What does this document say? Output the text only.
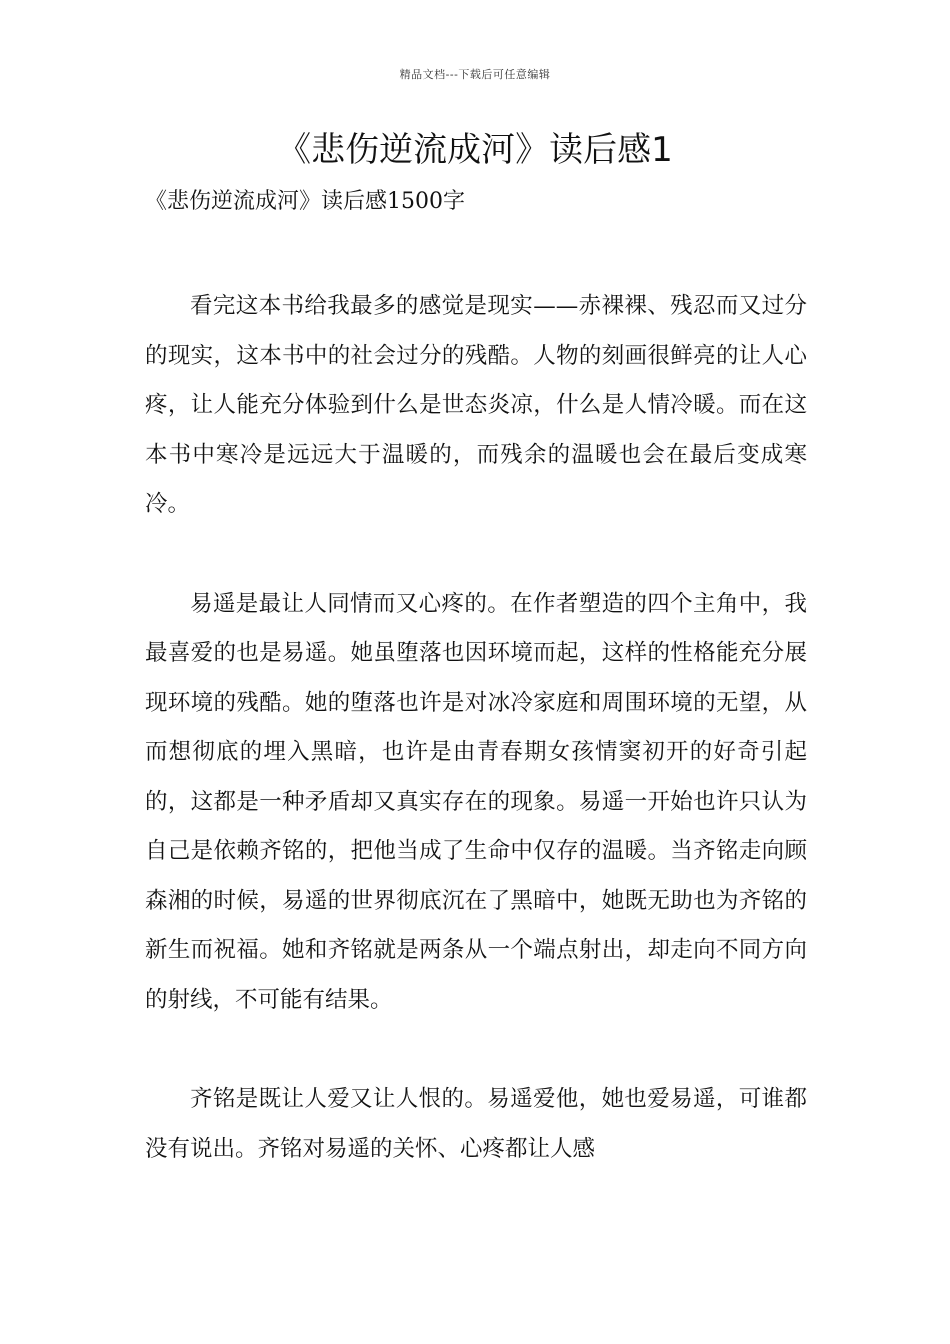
精品文档---下载后可任意编辑
《悲伤逆流成河》读后感1

《悲伤逆流成河》读后感1500字

看完这本书给我最多的感觉是现实——赤裸裸、残忍而又过分的现实，这本书中的社会过分的残酷。人物的刻画很鲜亮的让人心疼，让人能充分体验到什么是世态炎凉，什么是人情冷暖。而在这本书中寒冷是远远大于温暖的，而残余的温暖也会在最后变成寒冷。

易遥是最让人同情而又心疼的。在作者塑造的四个主角中，我最喜爱的也是易遥。她虽堕落也因环境而起，这样的性格能充分展现环境的残酷。她的堕落也许是对冰冷家庭和周围环境的无望，从而想彻底的埋入黑暗，也许是由青春期女孩情窦初开的好奇引起的，这都是一种矛盾却又真实存在的现象。易遥一开始也许只认为自己是依赖齐铭的，把他当成了生命中仅存的温暖。当齐铭走向顾森湘的时候，易遥的世界彻底沉在了黑暗中，她既无助也为齐铭的新生而祝福。她和齐铭就是两条从一个端点射出，却走向不同方向的射线，不可能有结果。

齐铭是既让人爱又让人恨的。易遥爱他，她也爱易遥，可谁都没有说出。齐铭对易遥的关怀、心疼都让人感
